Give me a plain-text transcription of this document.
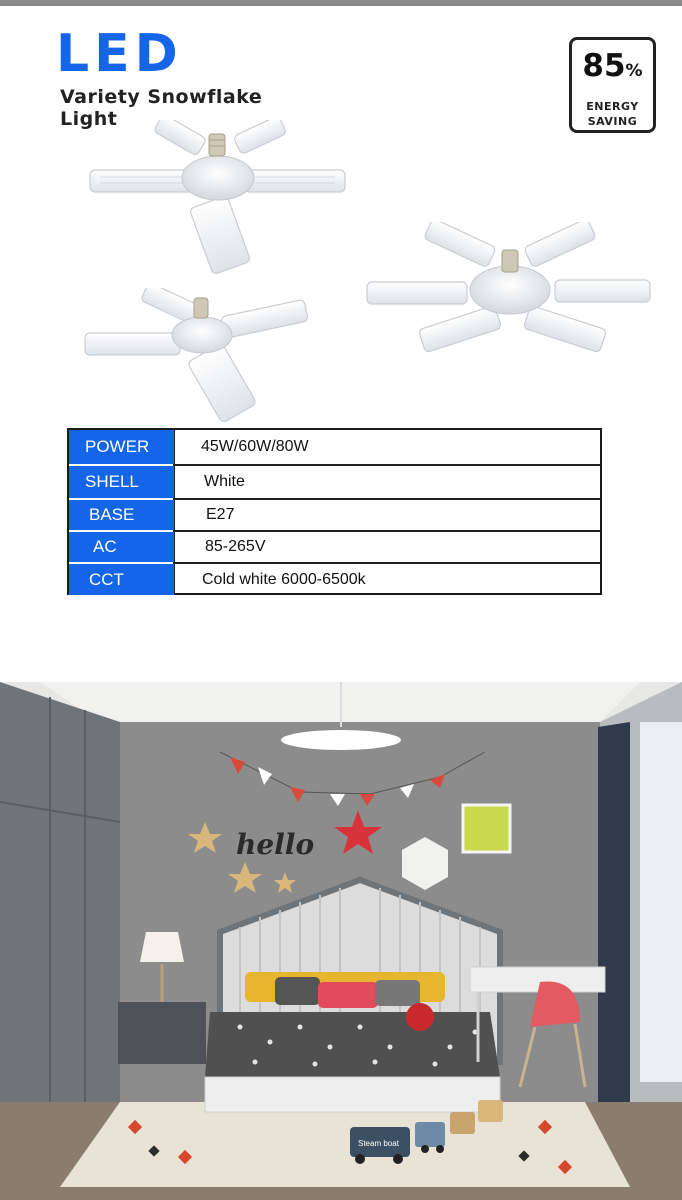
LED
Variety Snowflake Light
85%
ENERGY
SAVING
POWER	45W/60W/80W
SHELL	White
BASE	E27
AC	85-265V
CCT	Cold white 6000-6500k
hello
Steam boat
